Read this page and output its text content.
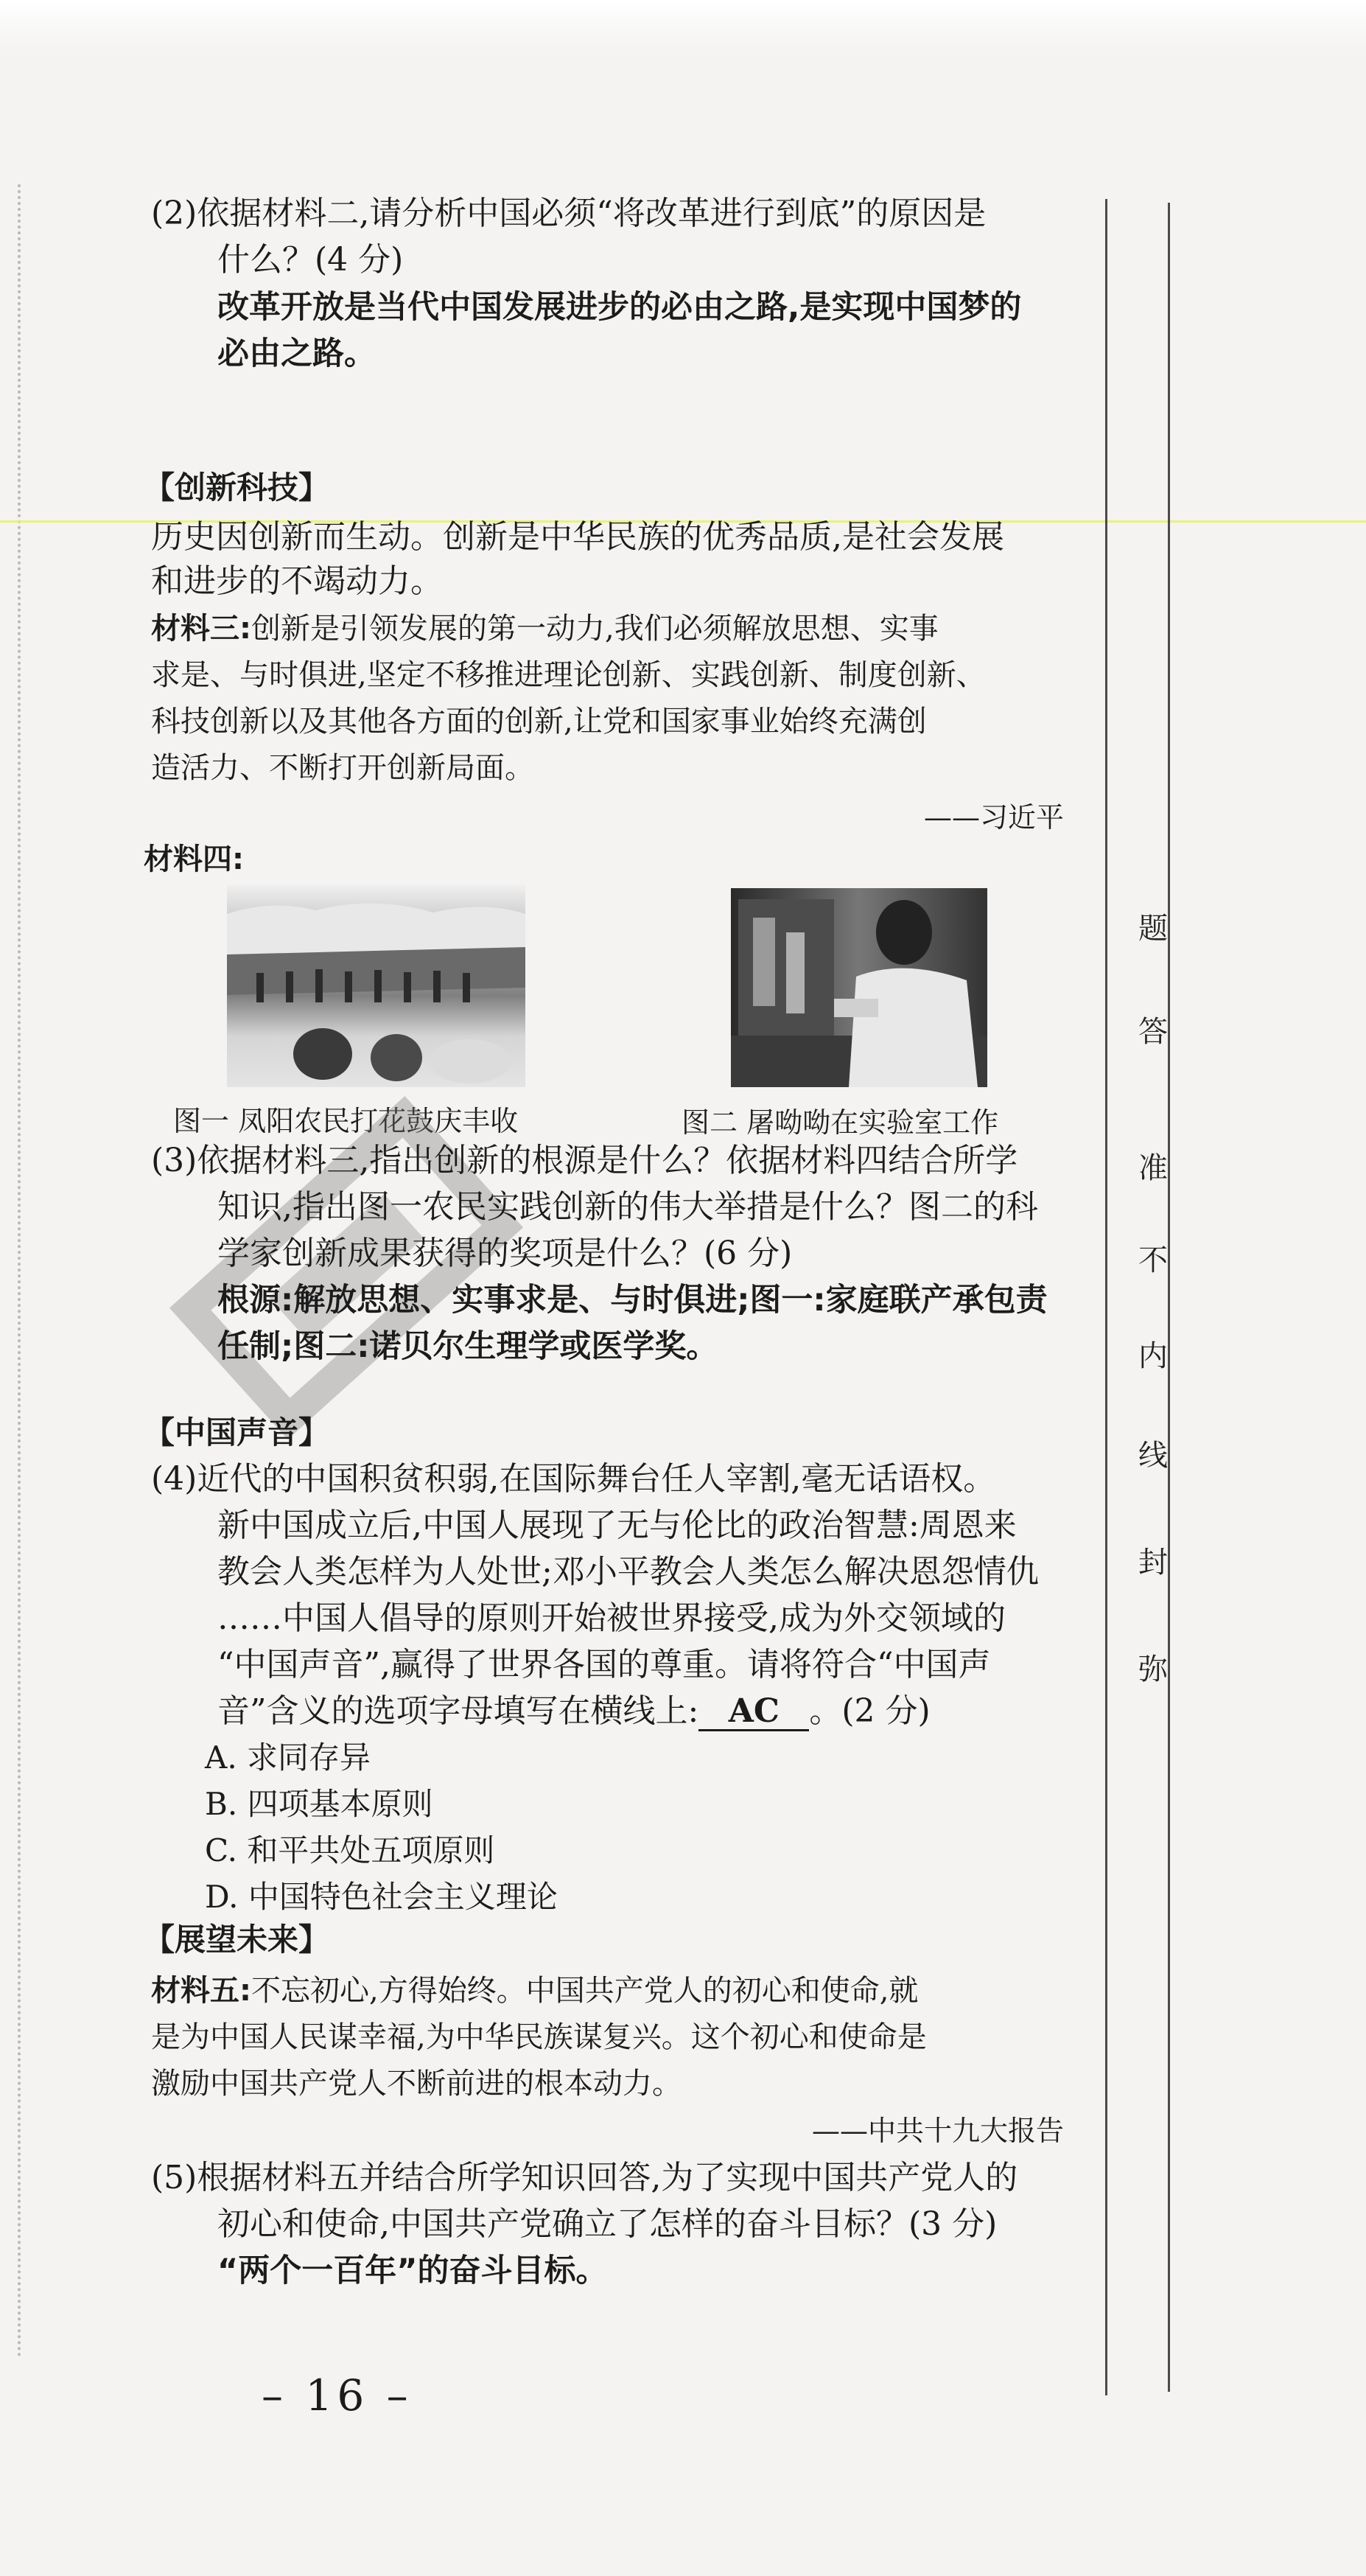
(2)依据材料二,请分析中国必须“将改革进行到底”的原因是
什么？(4 分)
改革开放是当代中国发展进步的必由之路,是实现中国梦的
必由之路。
【创新科技】
历史因创新而生动。创新是中华民族的优秀品质,是社会发展
和进步的不竭动力。
材料三:创新是引领发展的第一动力,我们必须解放思想、实事
求是、与时俱进,坚定不移推进理论创新、实践创新、制度创新、
科技创新以及其他各方面的创新,让党和国家事业始终充满创
造活力、不断打开创新局面。
——习近平
材料四:
图一 凤阳农民打花鼓庆丰收	图二 屠呦呦在实验室工作
(3)依据材料三,指出创新的根源是什么？依据材料四结合所学
知识,指出图一农民实践创新的伟大举措是什么？图二的科
学家创新成果获得的奖项是什么？(6 分)
根源:解放思想、实事求是、与时俱进;图一:家庭联产承包责
任制;图二:诺贝尔生理学或医学奖。
【中国声音】
(4)近代的中国积贫积弱,在国际舞台任人宰割,毫无话语权。
新中国成立后,中国人展现了无与伦比的政治智慧:周恩来
教会人类怎样为人处世;邓小平教会人类怎么解决恩怨情仇
……中国人倡导的原则开始被世界接受,成为外交领域的
“中国声音”,赢得了世界各国的尊重。请将符合“中国声
音”含义的选项字母填写在横线上: AC 。(2 分)
A. 求同存异
B. 四项基本原则
C. 和平共处五项原则
D. 中国特色社会主义理论
【展望未来】
材料五:不忘初心,方得始终。中国共产党人的初心和使命,就
是为中国人民谋幸福,为中华民族谋复兴。这个初心和使命是
激励中国共产党人不断前进的根本动力。
——中共十九大报告
(5)根据材料五并结合所学知识回答,为了实现中国共产党人的
初心和使命,中国共产党确立了怎样的奋斗目标？(3 分)
“两个一百年”的奋斗目标。
题
答
准
不
内
线
封
弥
– 16 –
